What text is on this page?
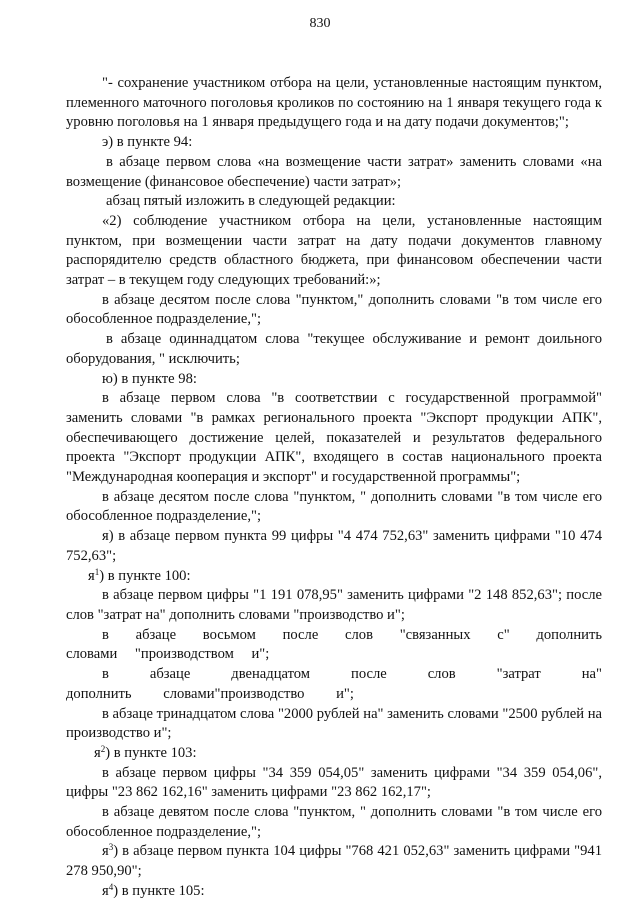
830

"- сохранение участником отбора на цели, установленные настоящим пунктом, племенного маточного поголовья кроликов по состоянию на 1 января текущего года к уровню поголовья на 1 января предыдущего года и на дату подачи документов;";

э) в пункте 94:

в абзаце первом слова «на возмещение части затрат» заменить словами «на возмещение (финансовое обеспечение) части затрат»;

абзац пятый изложить в следующей редакции:

«2) соблюдение участником отбора на цели, установленные настоящим пунктом, при возмещении части затрат на дату подачи документов главному распорядителю средств областного бюджета, при финансовом обеспечении части затрат – в текущем году следующих требований:»;

в абзаце десятом после слова "пунктом," дополнить словами "в том числе его обособленное подразделение,";

в абзаце одиннадцатом слова "текущее обслуживание и ремонт доильного оборудования, " исключить;

ю) в пункте 98:

в абзаце первом слова "в соответствии с государственной программой" заменить словами "в рамках регионального проекта "Экспорт продукции АПК", обеспечивающего достижение целей, показателей и результатов федерального проекта "Экспорт продукции АПК", входящего в состав национального проекта "Международная кооперация и экспорт" и государственной программы";

в абзаце десятом после слова "пунктом, " дополнить словами "в том числе его обособленное подразделение,";

я) в абзаце первом пункта 99 цифры "4 474 752,63" заменить цифрами "10 474 752,63";

$я^1$) в пункте 100:

в абзаце первом цифры "1 191 078,95" заменить цифрами "2 148 852,63"; после слов "затрат на" дополнить словами "производство и";

в абзаце восьмом после слов "связанных с" дополнить словами "производством и";

в абзаце двенадцатом после слов "затрат на" дополнить словами"производство и";

в абзаце тринадцатом слова "2000 рублей на" заменить словами "2500 рублей на производство и";

$я^2$) в пункте 103:

в абзаце первом цифры "34 359 054,05" заменить цифрами "34 359 054,06", цифры "23 862 162,16" заменить цифрами "23 862 162,17";

в абзаце девятом после слова "пунктом, " дополнить словами "в том числе его обособленное подразделение,";

$я^3$) в абзаце первом пункта 104 цифры "768 421 052,63" заменить цифрами "941 278 950,90";

$я^4$) в пункте 105:
